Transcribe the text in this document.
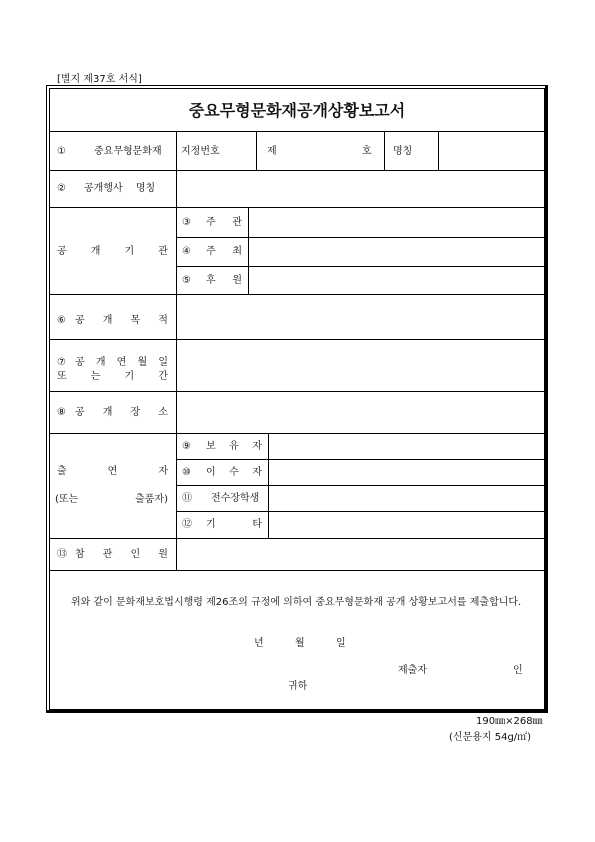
[별지 제37호 서식]
중요무형문화재공개상황보고서
①	중요무형문화재 지정번호	제	호 명칭
② 공개행사 명칭
공 개 기 관
③ 주 관
④ 주 최
⑤ 후 원
⑥ 공 개 목 적
⑦ 공 개 연 월 일
또 는 기 간
⑧ 공 개 장 소
출	연	자
(또는	출품자)
⑨ 보 유 자
⑩ 이 수 자
⑪ 전수장학생
⑫ 기	타
⑬ 참 관 인 원
위와 같이 문화재보호법시행령 제26조의 규정에 의하여 중요무형문화재 공개 상황보고서를 제출합니다.
년	월	일
제출자	인
귀하
190㎜×268㎜
(신문용지 54g/㎡)
